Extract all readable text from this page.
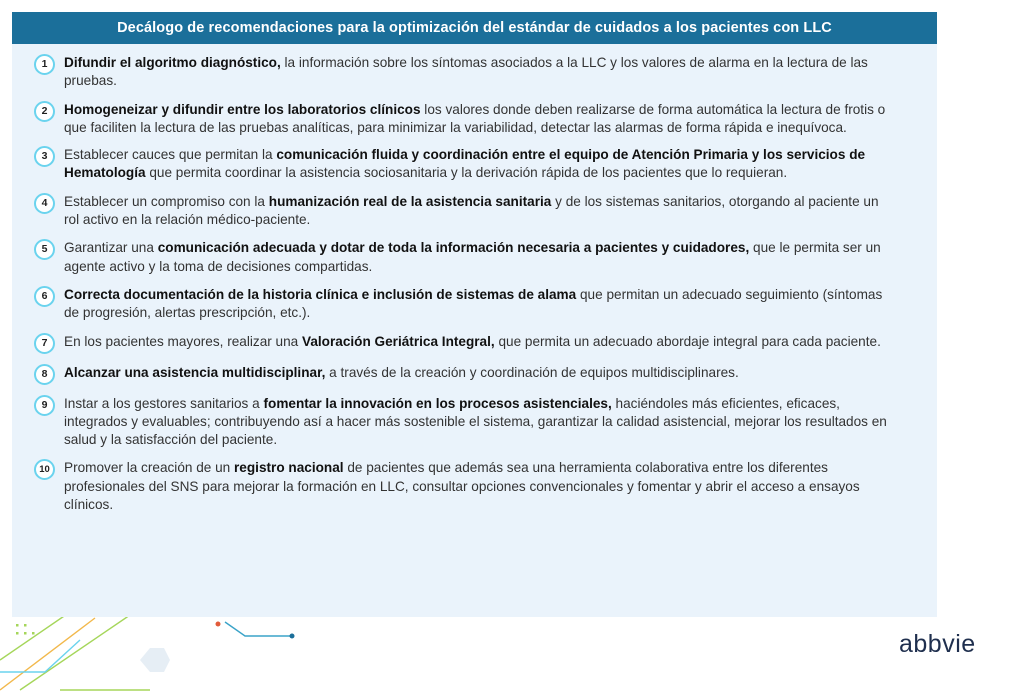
Decálogo de recomendaciones para la optimización del estándar de cuidados a los pacientes con LLC
1	Difundir el algoritmo diagnóstico, la información sobre los síntomas asociados a la LLC y los valores de alarma en la lectura de las pruebas.
2	Homogeneizar y difundir entre los laboratorios clínicos los valores donde deben realizarse de forma automática la lectura de frotis o que faciliten la lectura de las pruebas analíticas, para minimizar la variabilidad, detectar las alarmas de forma rápida e inequívoca.
3	Establecer cauces que permitan la comunicación fluida y coordinación entre el equipo de Atención Primaria y los servicios de Hematología que permita coordinar la asistencia sociosanitaria y la derivación rápida de los pacientes que lo requieran.
4	Establecer un compromiso con la humanización real de la asistencia sanitaria y de los sistemas sanitarios, otorgando al paciente un rol activo en la relación médico-paciente.
5	Garantizar una comunicación adecuada y dotar de toda la información necesaria a pacientes y cuidadores, que le permita ser un agente activo y la toma de decisiones compartidas.
6	Correcta documentación de la historia clínica e inclusión de sistemas de alama que permitan un adecuado seguimiento (síntomas de progresión, alertas prescripción, etc.).
7	En los pacientes mayores, realizar una Valoración Geriátrica Integral, que permita un adecuado abordaje integral para cada paciente.
8	Alcanzar una asistencia multidisciplinar, a través de la creación y coordinación de equipos multidisciplinares.
9	Instar a los gestores sanitarios a fomentar la innovación en los procesos asistenciales, haciéndoles más eficientes, eficaces, integrados y evaluables; contribuyendo así a hacer más sostenible el sistema, garantizar la calidad asistencial, mejorar los resultados en salud y la satisfacción del paciente.
10	Promover la creación de un registro nacional de pacientes que además sea una herramienta colaborativa entre los diferentes profesionales del SNS para mejorar la formación en LLC, consultar opciones convencionales y fomentar y abrir el acceso a ensayos clínicos.
abbvie
